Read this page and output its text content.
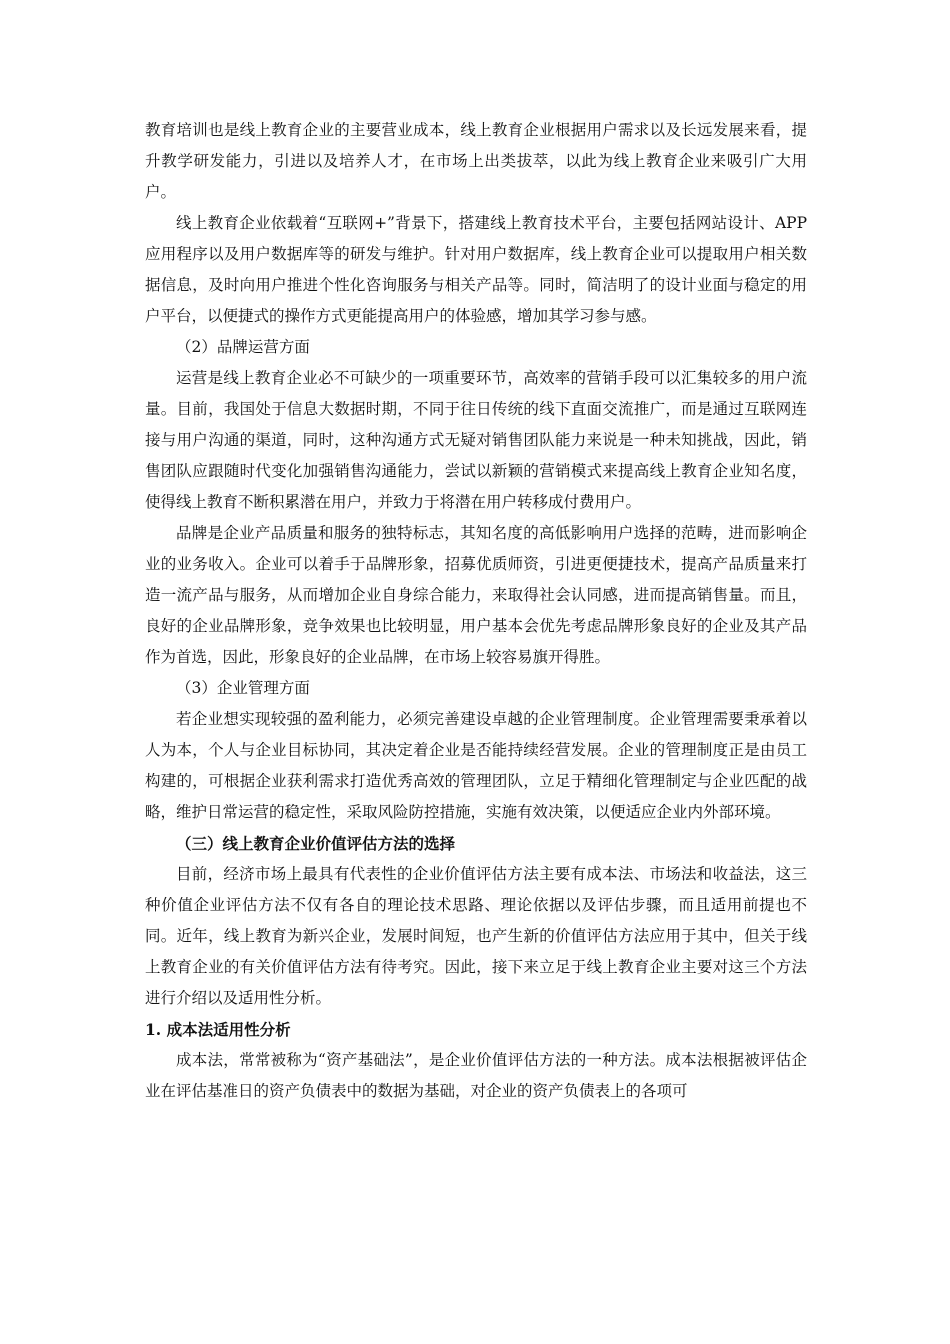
教育培训也是线上教育企业的主要营业成本，线上教育企业根据用户需求以及长远发展来看，提升教学研发能力，引进以及培养人才，在市场上出类拔萃，以此为线上教育企业来吸引广大用户。

线上教育企业依载着“互联网+”背景下，搭建线上教育技术平台，主要包括网站设计、APP应用程序以及用户数据库等的研发与维护。针对用户数据库，线上教育企业可以提取用户相关数据信息，及时向用户推进个性化咨询服务与相关产品等。同时，简洁明了的设计业面与稳定的用户平台，以便捷式的操作方式更能提高用户的体验感，增加其学习参与感。

（2）品牌运营方面

运营是线上教育企业必不可缺少的一项重要环节，高效率的营销手段可以汇集较多的用户流量。目前，我国处于信息大数据时期，不同于往日传统的线下直面交流推广，而是通过互联网连接与用户沟通的渠道，同时，这种沟通方式无疑对销售团队能力来说是一种未知挑战，因此，销售团队应跟随时代变化加强销售沟通能力，尝试以新颖的营销模式来提高线上教育企业知名度，使得线上教育不断积累潜在用户，并致力于将潜在用户转移成付费用户。

品牌是企业产品质量和服务的独特标志，其知名度的高低影响用户选择的范畴，进而影响企业的业务收入。企业可以着手于品牌形象，招募优质师资，引进更便捷技术，提高产品质量来打造一流产品与服务，从而增加企业自身综合能力，来取得社会认同感，进而提高销售量。而且，良好的企业品牌形象，竞争效果也比较明显，用户基本会优先考虑品牌形象良好的企业及其产品作为首选，因此，形象良好的企业品牌，在市场上较容易旗开得胜。

（3）企业管理方面

若企业想实现较强的盈利能力，必须完善建设卓越的企业管理制度。企业管理需要秉承着以人为本，个人与企业目标协同，其决定着企业是否能持续经营发展。企业的管理制度正是由员工构建的，可根据企业获利需求打造优秀高效的管理团队，立足于精细化管理制定与企业匹配的战略，维护日常运营的稳定性，采取风险防控措施，实施有效决策，以便适应企业内外部环境。

（三）线上教育企业价值评估方法的选择

目前，经济市场上最具有代表性的企业价值评估方法主要有成本法、市场法和收益法，这三种价值企业评估方法不仅有各自的理论技术思路、理论依据以及评估步骤，而且适用前提也不同。近年，线上教育为新兴企业，发展时间短，也产生新的价值评估方法应用于其中，但关于线上教育企业的有关价值评估方法有待考究。因此，接下来立足于线上教育企业主要对这三个方法进行介绍以及适用性分析。

1. 成本法适用性分析

成本法，常常被称为“资产基础法”，是企业价值评估方法的一种方法。成本法根据被评估企业在评估基准日的资产负债表中的数据为基础，对企业的资产负债表上的各项可
